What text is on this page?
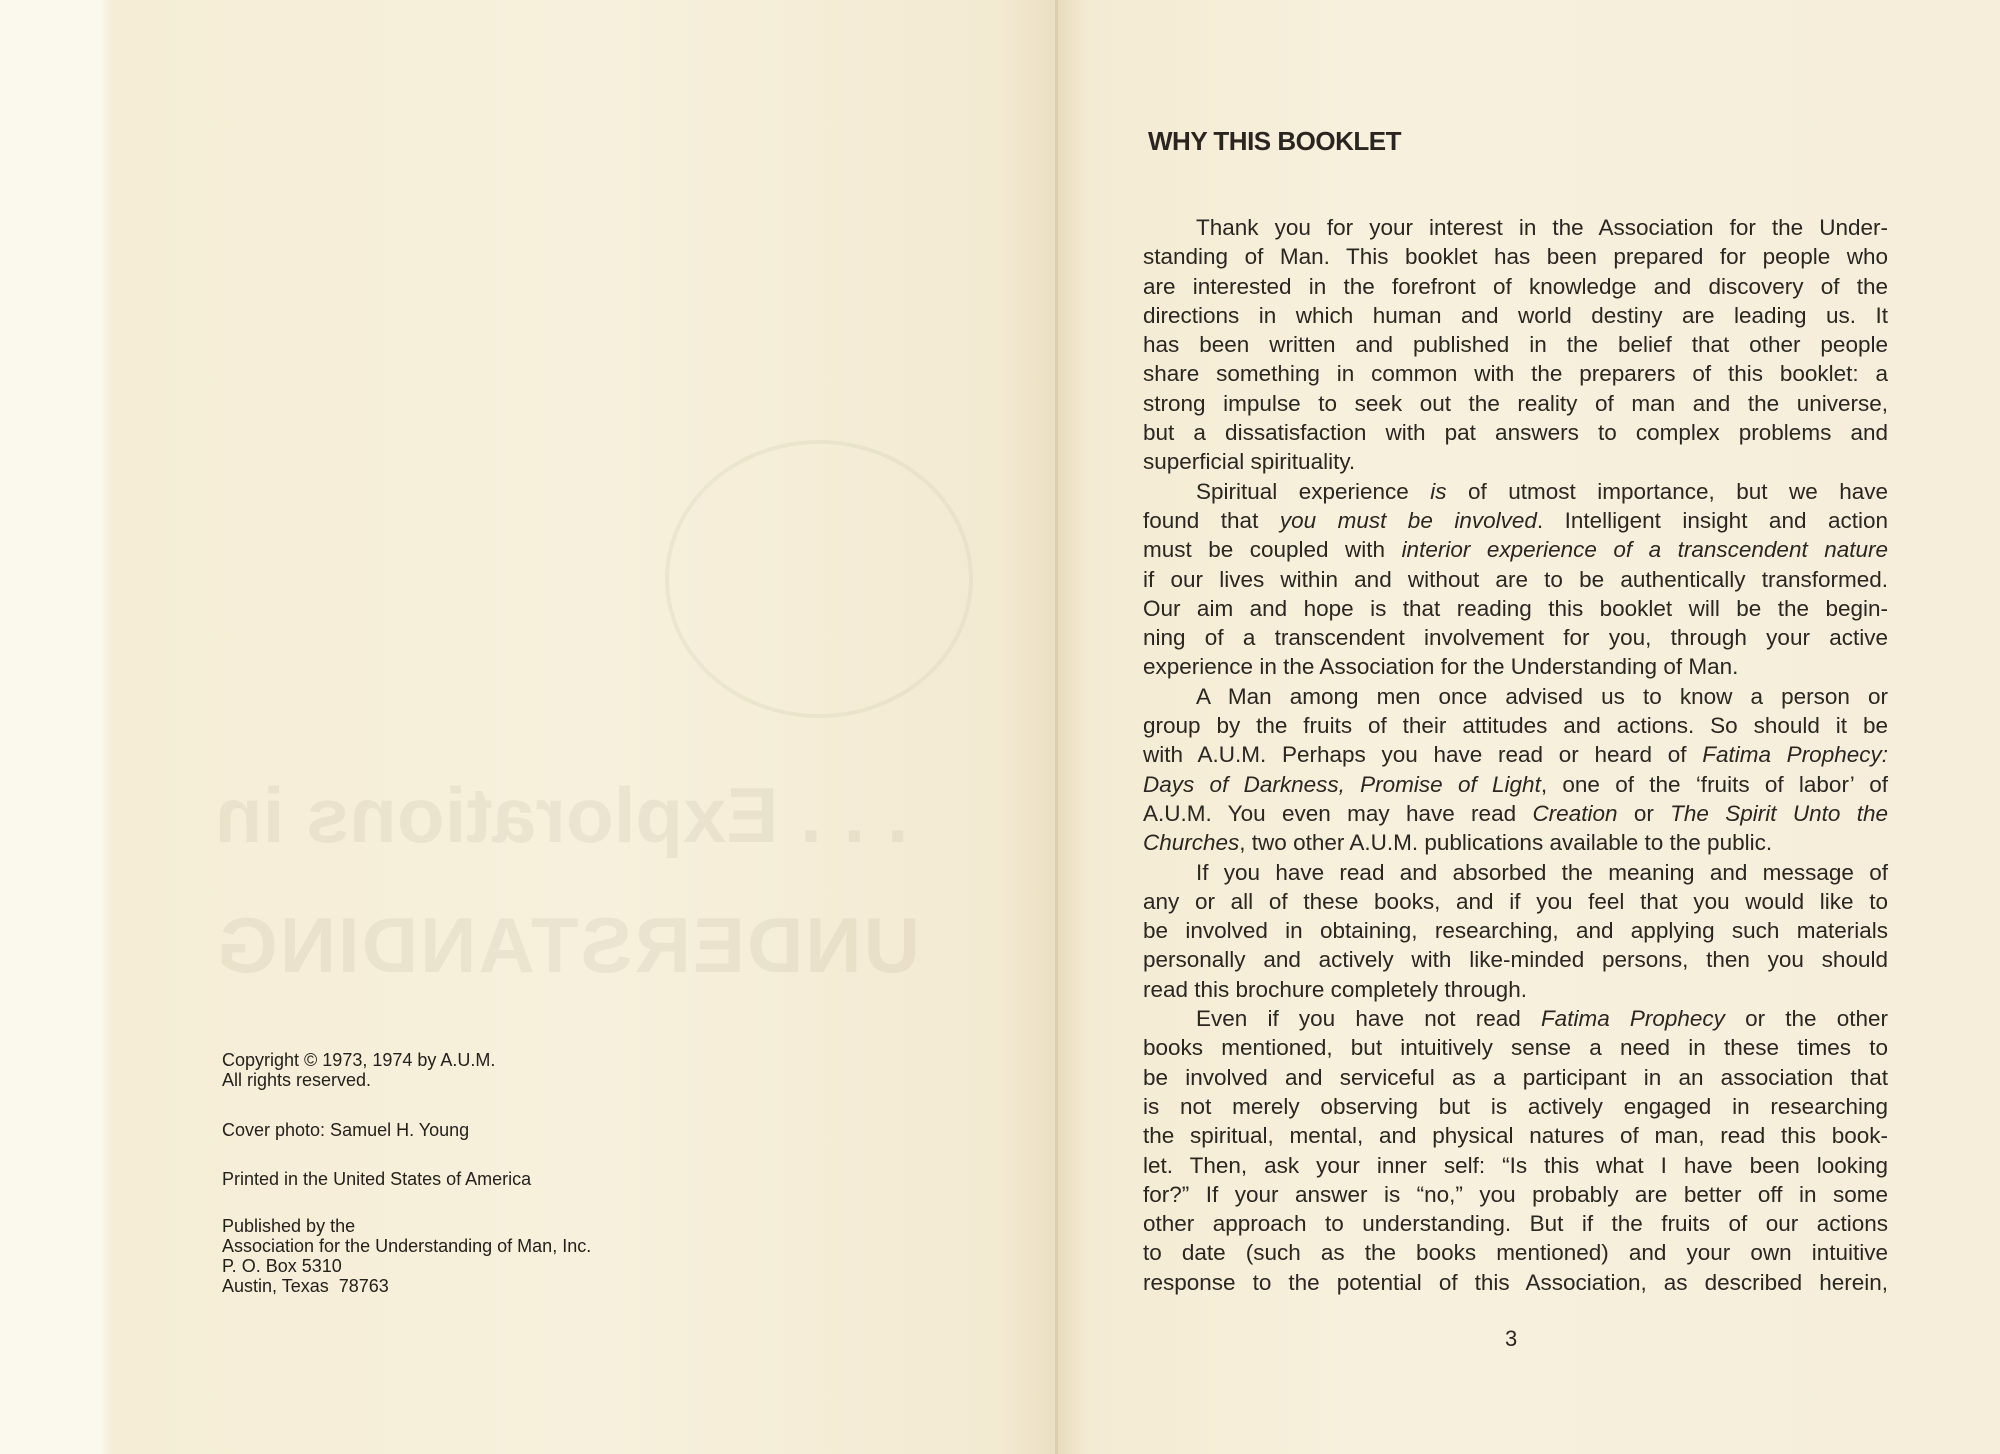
. . . Explorations in
UNDERSTANDING
Copyright © 1973, 1974 by A.U.M.
All rights reserved.
Cover photo: Samuel H. Young
Printed in the United States of America
Published by the
Association for the Understanding of Man, Inc.
P. O. Box 5310
Austin, Texas  78763
WHY THIS BOOKLET
Thank you for your interest in the Association for the Under-
standing of Man. This booklet has been prepared for people who
are interested in the forefront of knowledge and discovery of the
directions in which human and world destiny are leading us. It
has been written and published in the belief that other people
share something in common with the preparers of this booklet: a
strong impulse to seek out the reality of man and the universe,
but a dissatisfaction with pat answers to complex problems and
superficial spirituality.
Spiritual experience is of utmost importance, but we have
found that you must be involved. Intelligent insight and action
must be coupled with interior experience of a transcendent nature
if our lives within and without are to be authentically transformed.
Our aim and hope is that reading this booklet will be the begin-
ning of a transcendent involvement for you, through your active
experience in the Association for the Understanding of Man.
A Man among men once advised us to know a person or
group by the fruits of their attitudes and actions. So should it be
with A.U.M. Perhaps you have read or heard of Fatima Prophecy:
Days of Darkness, Promise of Light, one of the ‘fruits of labor’ of
A.U.M. You even may have read Creation or The Spirit Unto the
Churches, two other A.U.M. publications available to the public.
If you have read and absorbed the meaning and message of
any or all of these books, and if you feel that you would like to
be involved in obtaining, researching, and applying such materials
personally and actively with like-minded persons, then you should
read this brochure completely through.
Even if you have not read Fatima Prophecy or the other
books mentioned, but intuitively sense a need in these times to
be involved and serviceful as a participant in an association that
is not merely observing but is actively engaged in researching
the spiritual, mental, and physical natures of man, read this book-
let. Then, ask your inner self: “Is this what I have been looking
for?” If your answer is “no,” you probably are better off in some
other approach to understanding. But if the fruits of our actions
to date (such as the books mentioned) and your own intuitive
response to the potential of this Association, as described herein,
3
